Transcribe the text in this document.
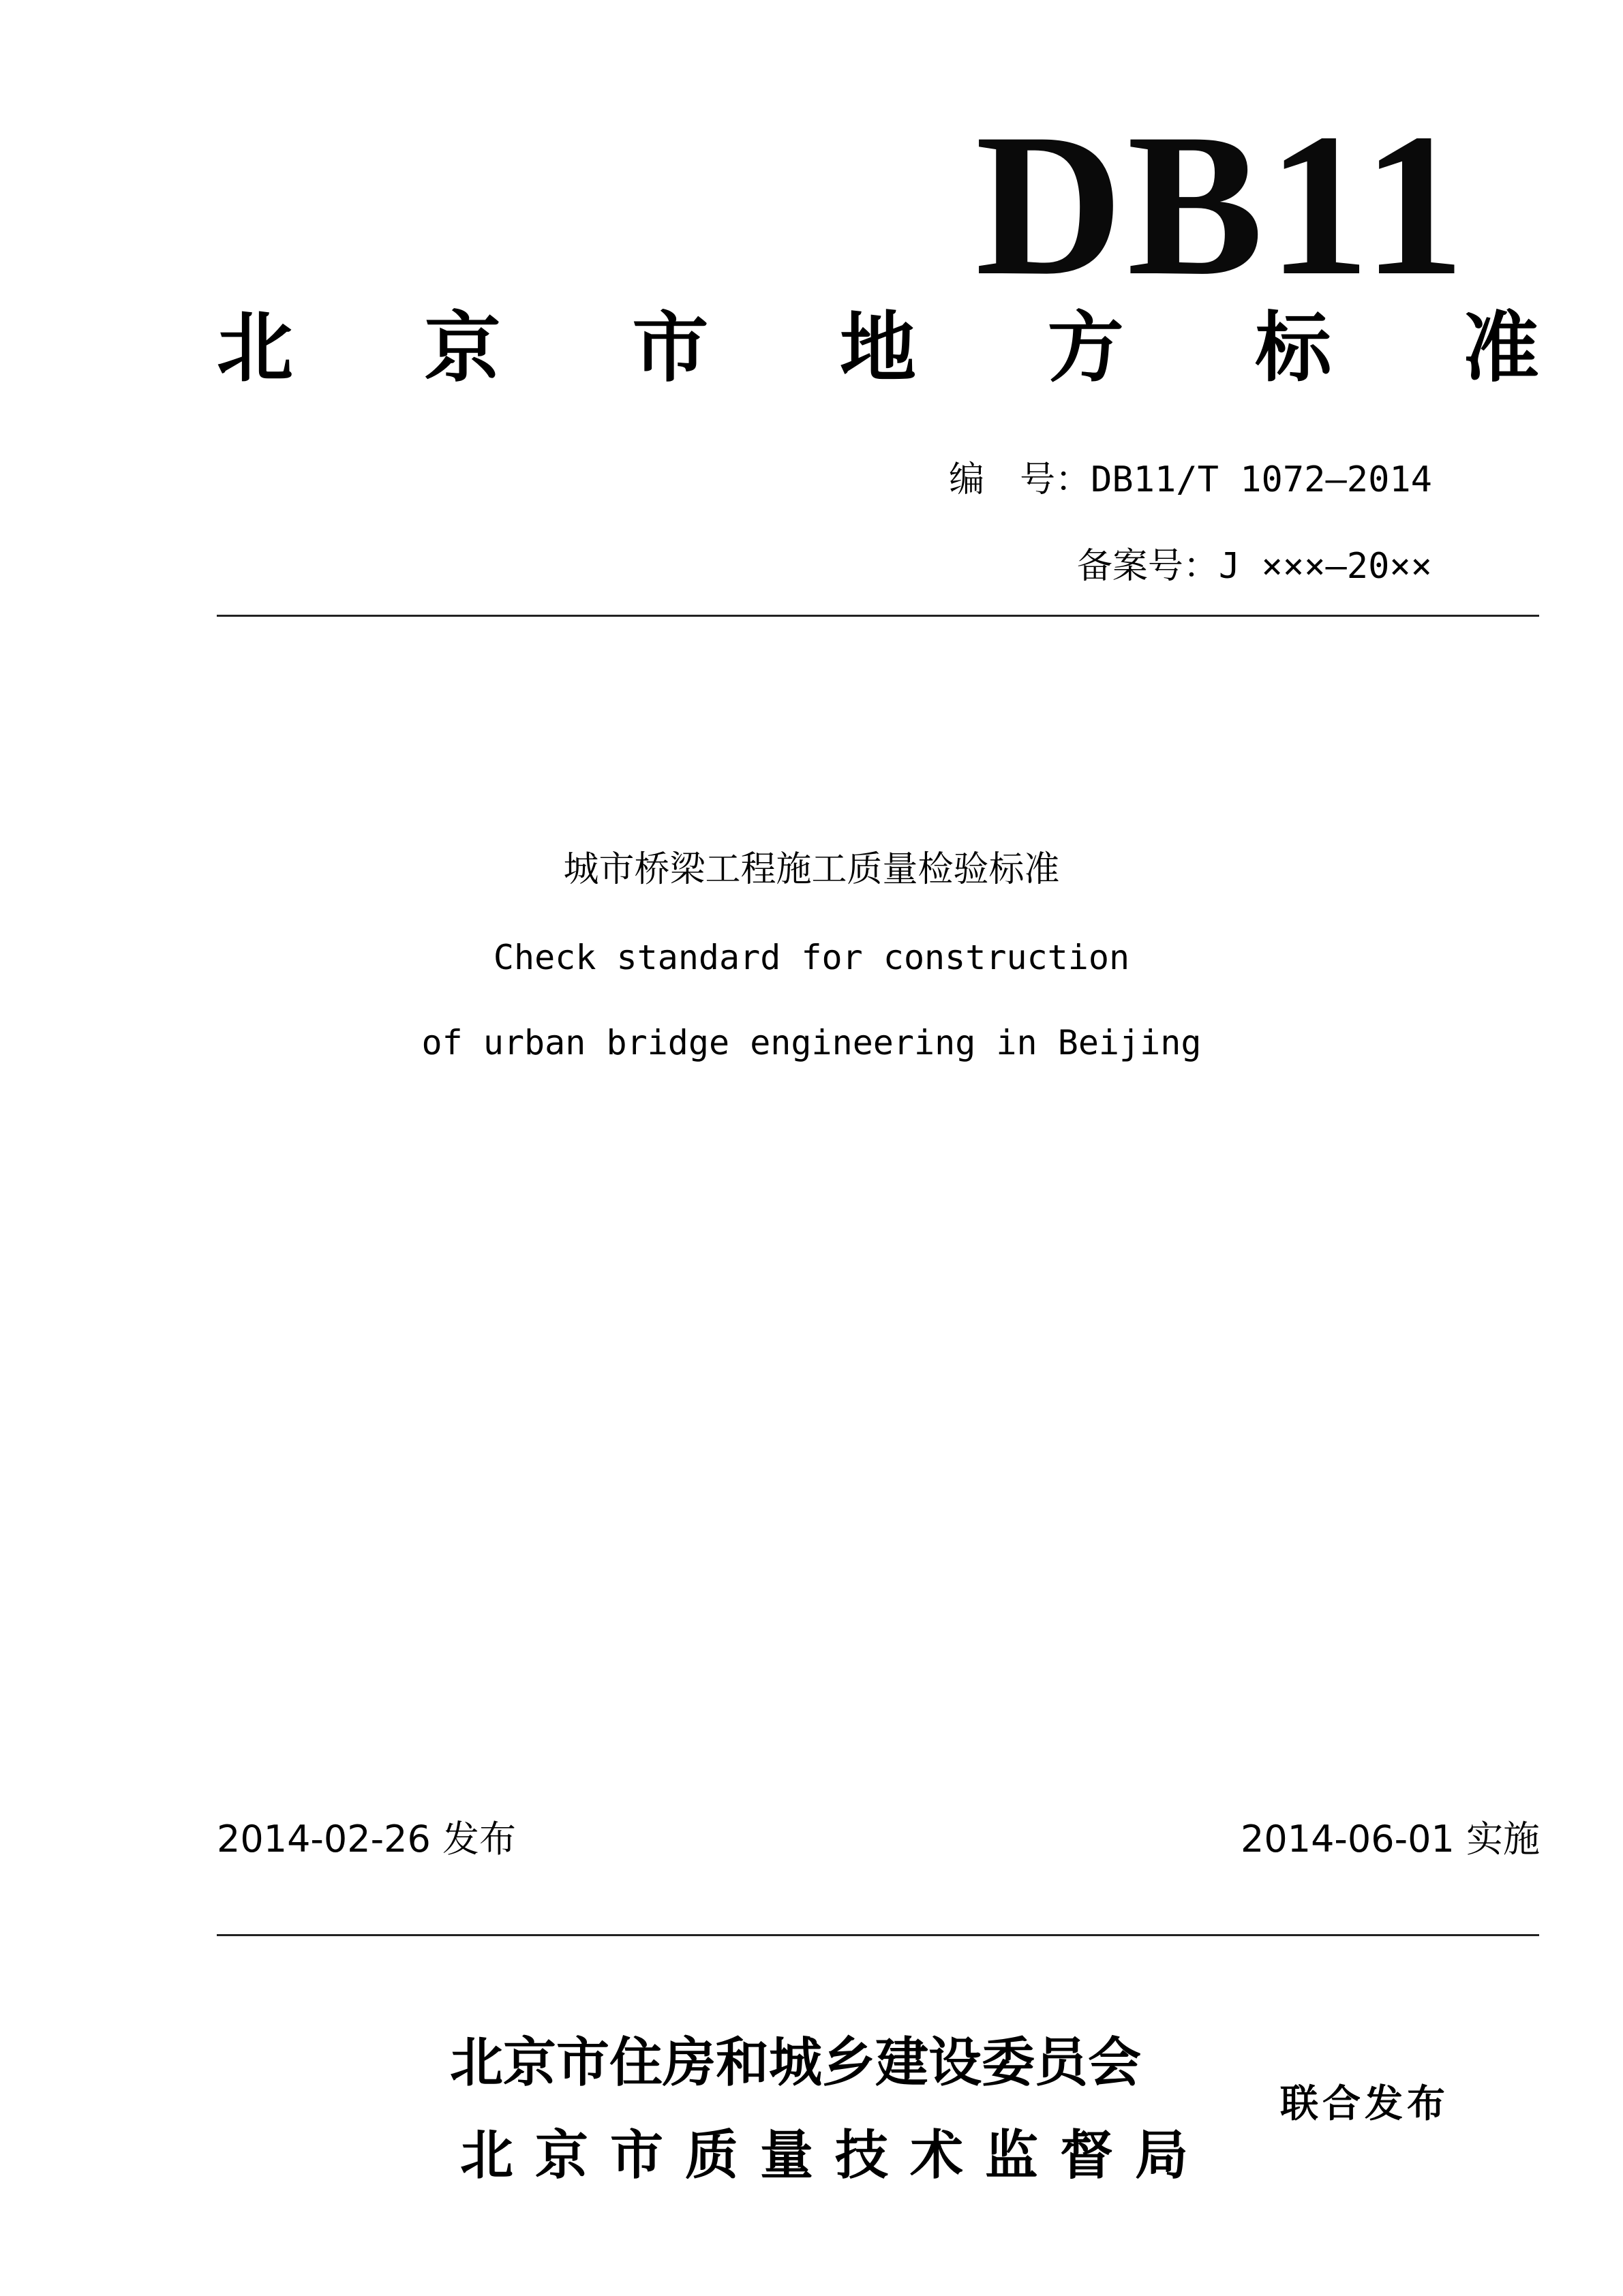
DB11
北 京 市 地 方 标 准
编　号：DB11/T 1072—2014
备案号：J ×××—20××
城市桥梁工程施工质量检验标准
Check standard for construction
of urban bridge engineering in Beijing
2014-02-26 发布	2014-06-01 实施
北京市住房和城乡建设委员会
北京市质量技术监督局
联合发布
